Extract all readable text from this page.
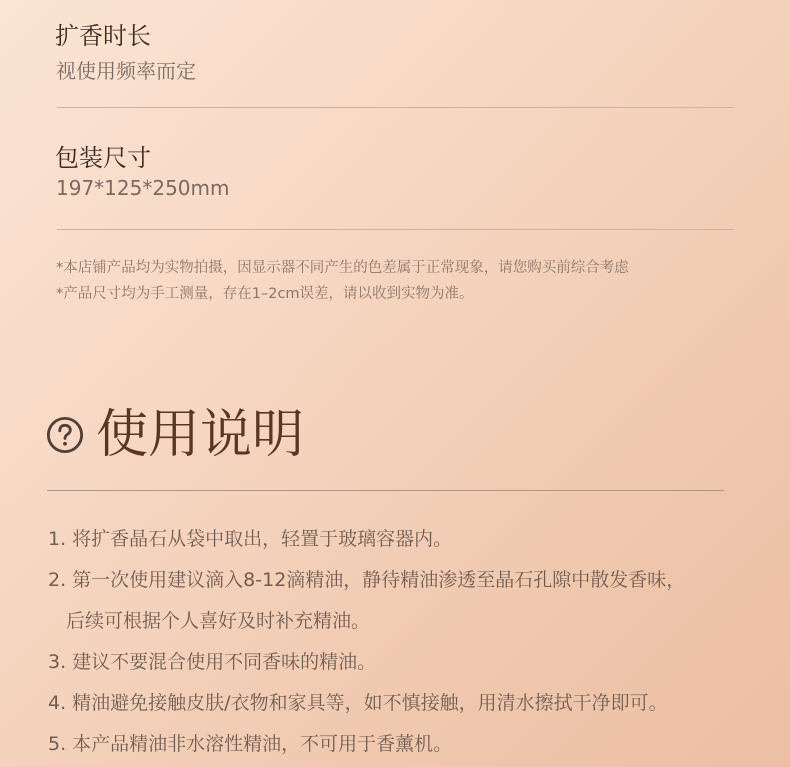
扩香时长
视使用频率而定
包装尺寸
197*125*250mm
*本店铺产品均为实物拍摄，因显示器不同产生的色差属于正常现象，请您购买前综合考虑
*产品尺寸均为手工测量，存在1–2cm误差，请以收到实物为准。
使用说明
1. 将扩香晶石从袋中取出，轻置于玻璃容器内。
2. 第一次使用建议滴入8-12滴精油，静待精油渗透至晶石孔隙中散发香味，
后续可根据个人喜好及时补充精油。
3. 建议不要混合使用不同香味的精油。
4. 精油避免接触皮肤/衣物和家具等，如不慎接触，用清水擦拭干净即可。
5. 本产品精油非水溶性精油，不可用于香薰机。
